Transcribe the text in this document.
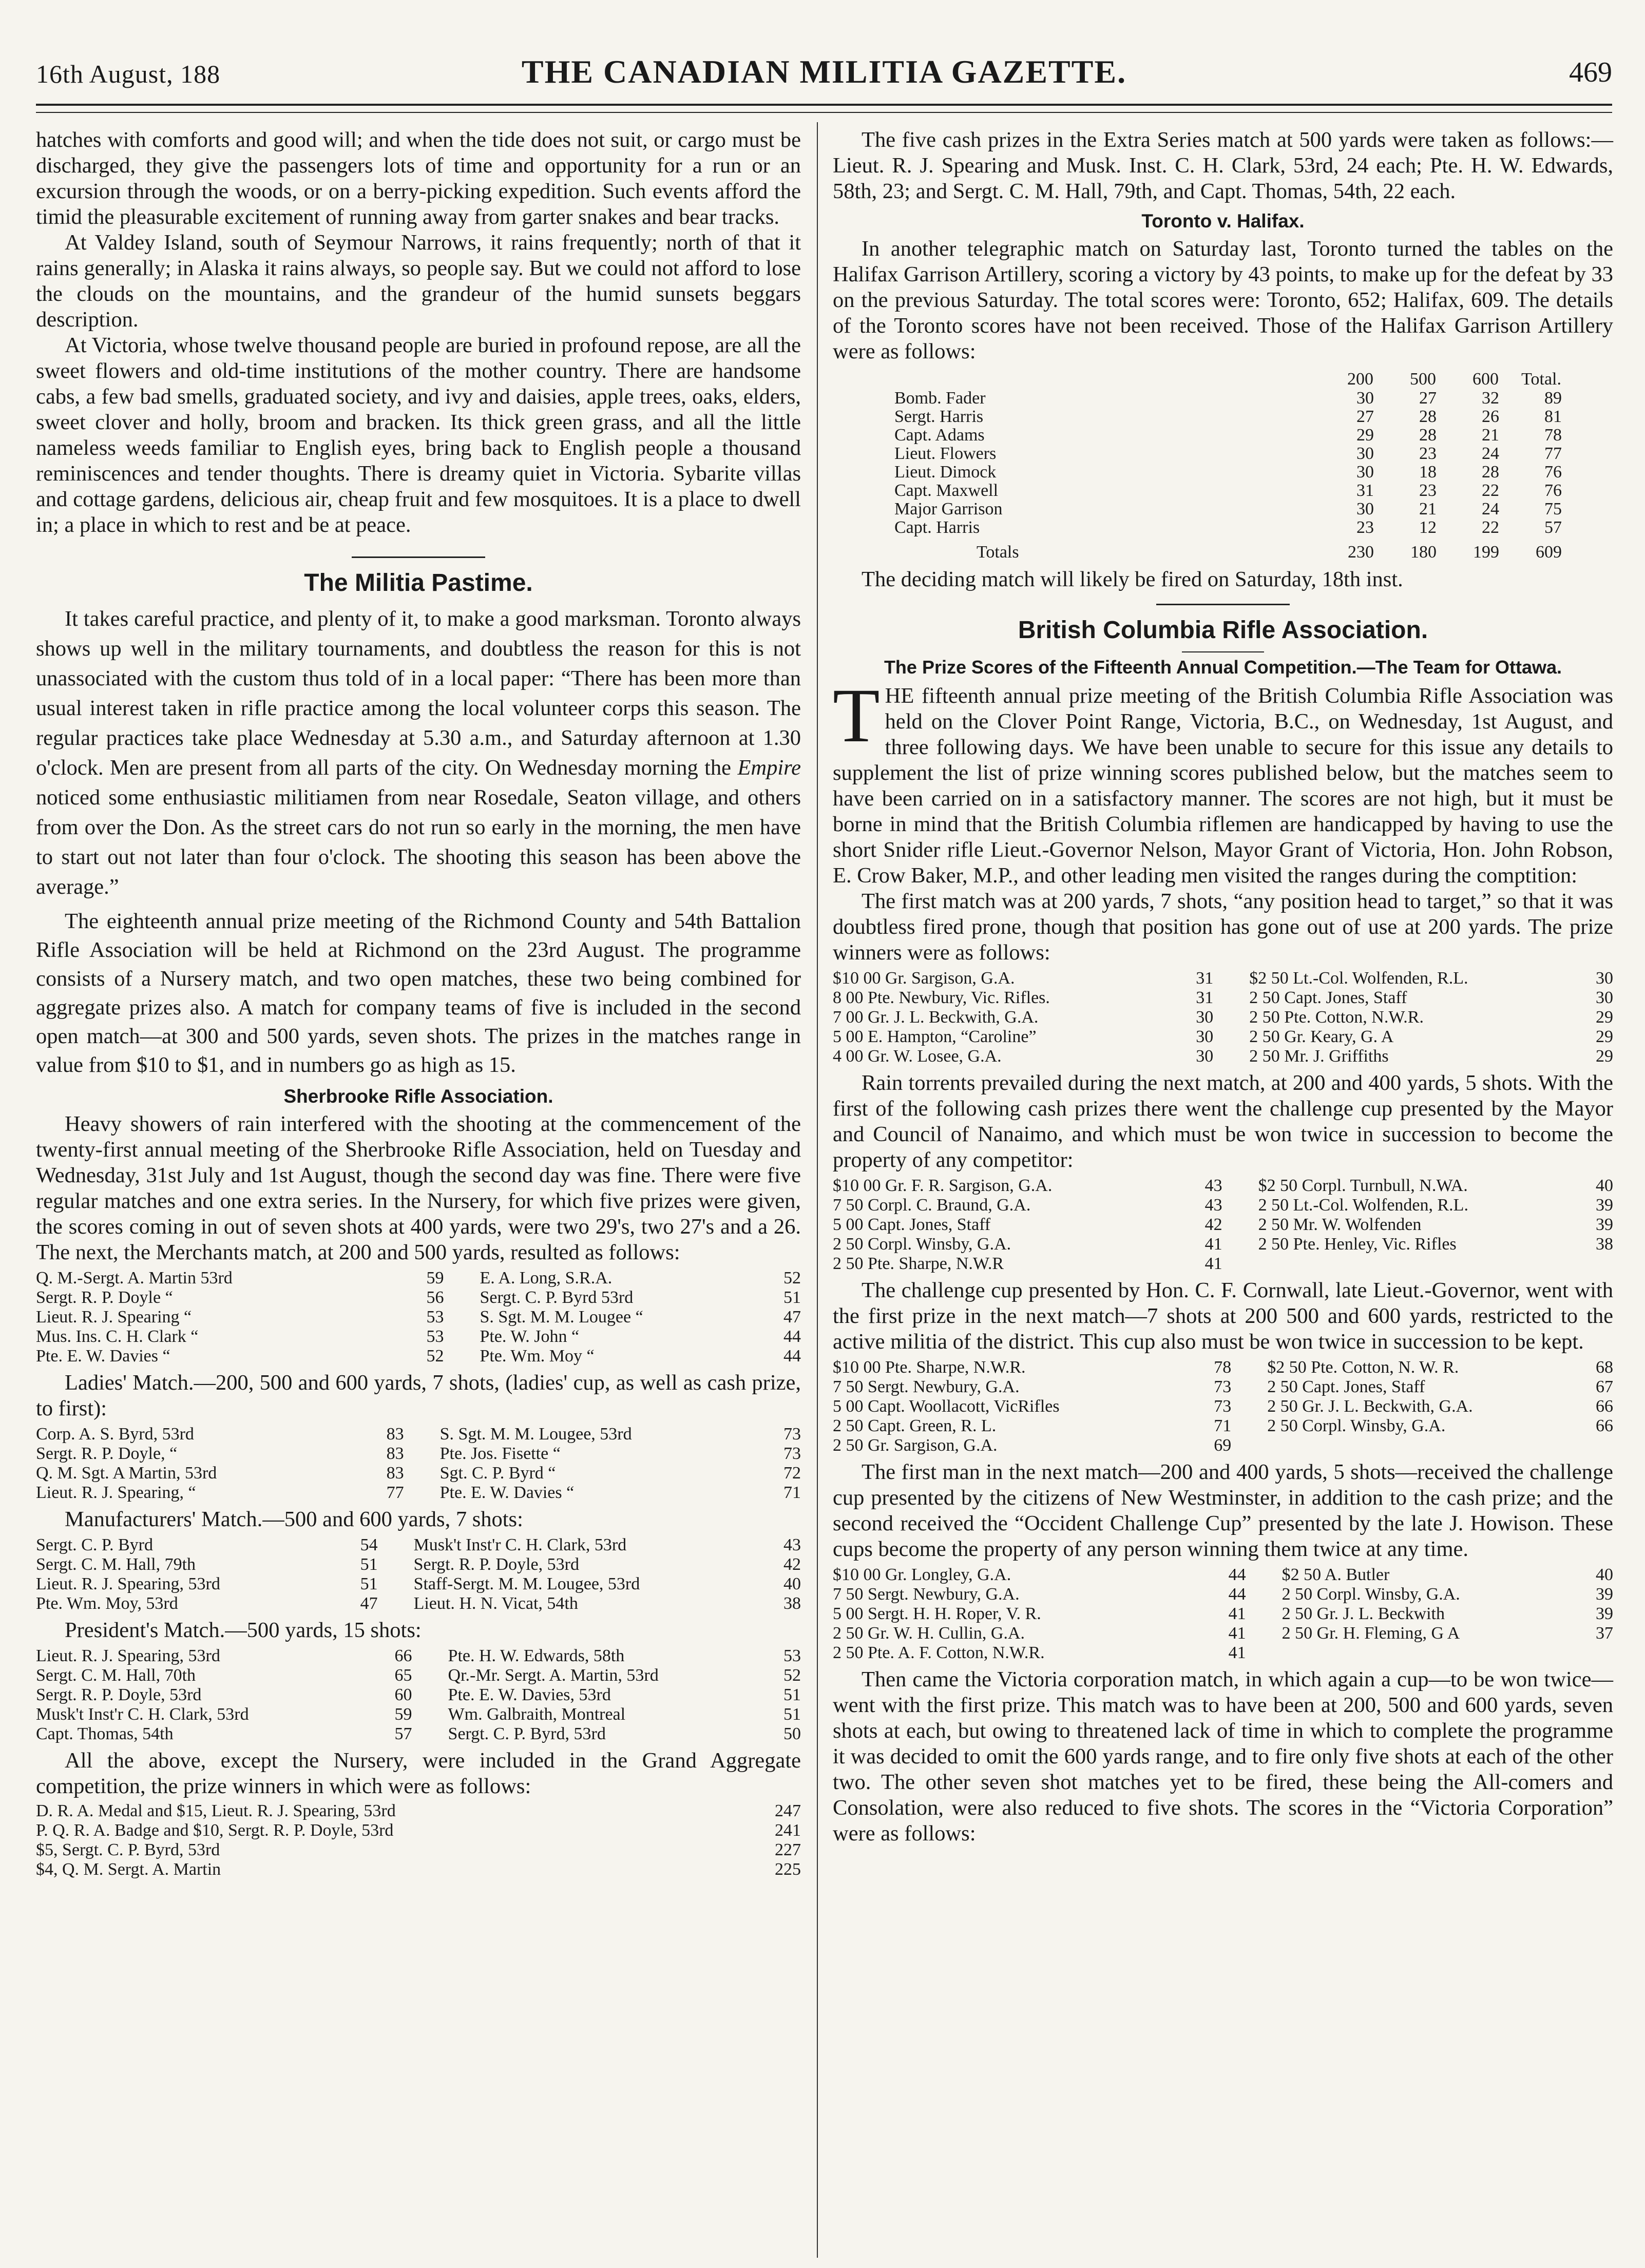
16th August, 188	THE CANADIAN MILITIA GAZETTE.	469

hatches with comforts and good will; and when the tide does not suit, or cargo must be discharged, they give the passengers lots of time and opportunity for a run or an excursion through the woods, or on a berry-picking expedition. Such events afford the timid the pleasurable excitement of running away from garter snakes and bear tracks.

At Valdey Island, south of Seymour Narrows, it rains frequently; north of that it rains generally; in Alaska it rains always, so people say. But we could not afford to lose the clouds on the mountains, and the grandeur of the humid sunsets beggars description.

At Victoria, whose twelve thousand people are buried in profound repose, are all the sweet flowers and old-time institutions of the mother country. There are handsome cabs, a few bad smells, graduated society, and ivy and daisies, apple trees, oaks, elders, sweet clover and holly, broom and bracken. Its thick green grass, and all the little nameless weeds familiar to English eyes, bring back to English people a thousand reminiscences and tender thoughts. There is dreamy quiet in Victoria. Sybarite villas and cottage gardens, delicious air, cheap fruit and few mosquitoes. It is a place to dwell in; a place in which to rest and be at peace.

The Militia Pastime.

It takes careful practice, and plenty of it, to make a good marksman. Toronto always shows up well in the military tournaments, and doubtless the reason for this is not unassociated with the custom thus told of in a local paper: “There has been more than usual interest taken in rifle practice among the local volunteer corps this season. The regular practices take place Wednesday at 5.30 a.m., and Saturday afternoon at 1.30 o'clock. Men are present from all parts of the city. On Wednesday morning the Empire noticed some enthusiastic militiamen from near Rosedale, Seaton village, and others from over the Don. As the street cars do not run so early in the morning, the men have to start out not later than four o'clock. The shooting this season has been above the average.”

The eighteenth annual prize meeting of the Richmond County and 54th Battalion Rifle Association will be held at Richmond on the 23rd August. The programme consists of a Nursery match, and two open matches, these two being combined for aggregate prizes also. A match for company teams of five is included in the second open match—at 300 and 500 yards, seven shots. The prizes in the matches range in value from $10 to $1, and in numbers go as high as 15.

Sherbrooke Rifle Association.

Heavy showers of rain interfered with the shooting at the commencement of the twenty-first annual meeting of the Sherbrooke Rifle Association, held on Tuesday and Wednesday, 31st July and 1st August, though the second day was fine. There were five regular matches and one extra series. In the Nursery, for which five prizes were given, the scores coming in out of seven shots at 400 yards, were two 29's, two 27's and a 26. The next, the Merchants match, at 200 and 500 yards, resulted as follows:

Q. M.-Sergt. A. Martin 53rd	59	E. A. Long, S.R.A.	52
Sergt. R. P. Doyle “	56	Sergt. C. P. Byrd 53rd	51
Lieut. R. J. Spearing “	53	S. Sgt. M. M. Lougee “	47
Mus. Ins. C. H. Clark “	53	Pte. W. John “	44
Pte. E. W. Davies “	52	Pte. Wm. Moy “	44

Ladies' Match.—200, 500 and 600 yards, 7 shots, (ladies' cup, as well as cash prize, to first):

Corp. A. S. Byrd, 53rd	83	S. Sgt. M. M. Lougee, 53rd	73
Sergt. R. P. Doyle, “	83	Pte. Jos. Fisette “	73
Q. M. Sgt. A Martin, 53rd	83	Sgt. C. P. Byrd “	72
Lieut. R. J. Spearing, “	77	Pte. E. W. Davies “	71

Manufacturers' Match.—500 and 600 yards, 7 shots:

Sergt. C. P. Byrd	54	Musk't Inst'r C. H. Clark, 53rd	43
Sergt. C. M. Hall, 79th	51	Sergt. R. P. Doyle, 53rd	42
Lieut. R. J. Spearing, 53rd	51	Staff-Sergt. M. M. Lougee, 53rd	40
Pte. Wm. Moy, 53rd	47	Lieut. H. N. Vicat, 54th	38

President's Match.—500 yards, 15 shots:

Lieut. R. J. Spearing, 53rd	66	Pte. H. W. Edwards, 58th	53
Sergt. C. M. Hall, 70th	65	Qr.-Mr. Sergt. A. Martin, 53rd	52
Sergt. R. P. Doyle, 53rd	60	Pte. E. W. Davies, 53rd	51
Musk't Inst'r C. H. Clark, 53rd	59	Wm. Galbraith, Montreal	51
Capt. Thomas, 54th	57	Sergt. C. P. Byrd, 53rd	50

All the above, except the Nursery, were included in the Grand Aggregate competition, the prize winners in which were as follows:

D. R. A. Medal and $15, Lieut. R. J. Spearing, 53rd	247
P. Q. R. A. Badge and $10, Sergt. R. P. Doyle, 53rd	241
$5, Sergt. C. P. Byrd, 53rd	227
$4, Q. M. Sergt. A. Martin	225

The five cash prizes in the Extra Series match at 500 yards were taken as follows:—Lieut. R. J. Spearing and Musk. Inst. C. H. Clark, 53rd, 24 each; Pte. H. W. Edwards, 58th, 23; and Sergt. C. M. Hall, 79th, and Capt. Thomas, 54th, 22 each.

Toronto v. Halifax.

In another telegraphic match on Saturday last, Toronto turned the tables on the Halifax Garrison Artillery, scoring a victory by 43 points, to make up for the defeat by 33 on the previous Saturday. The total scores were: Toronto, 652; Halifax, 609. The details of the Toronto scores have not been received. Those of the Halifax Garrison Artillery were as follows:

	200	500	600	Total.
Bomb. Fader	30	27	32	89
Sergt. Harris	27	28	26	81
Capt. Adams	29	28	21	78
Lieut. Flowers	30	23	24	77
Lieut. Dimock	30	18	28	76
Capt. Maxwell	31	23	22	76
Major Garrison	30	21	24	75
Capt. Harris	23	12	22	57
Totals	230	180	199	609

The deciding match will likely be fired on Saturday, 18th inst.

British Columbia Rifle Association.
The Prize Scores of the Fifteenth Annual Competition.—The Team for Ottawa.

THE fifteenth annual prize meeting of the British Columbia Rifle Association was held on the Clover Point Range, Victoria, B.C., on Wednesday, 1st August, and three following days. We have been unable to secure for this issue any details to supplement the list of prize winning scores published below, but the matches seem to have been carried on in a satisfactory manner. The scores are not high, but it must be borne in mind that the British Columbia riflemen are handicapped by having to use the short Snider rifle Lieut.-Governor Nelson, Mayor Grant of Victoria, Hon. John Robson, E. Crow Baker, M.P., and other leading men visited the ranges during the comptition:

The first match was at 200 yards, 7 shots, “any position head to target,” so that it was doubtless fired prone, though that position has gone out of use at 200 yards. The prize winners were as follows:

$10 00 Gr. Sargison, G.A.	31	$2 50 Lt.-Col. Wolfenden, R.L.	30
8 00 Pte. Newbury, Vic. Rifles.	31	2 50 Capt. Jones, Staff	30
7 00 Gr. J. L. Beckwith, G.A.	30	2 50 Pte. Cotton, N.W.R.	29
5 00 E. Hampton, “Caroline”	30	2 50 Gr. Keary, G. A	29
4 00 Gr. W. Losee, G.A.	30	2 50 Mr. J. Griffiths	29

Rain torrents prevailed during the next match, at 200 and 400 yards, 5 shots. With the first of the following cash prizes there went the challenge cup presented by the Mayor and Council of Nanaimo, and which must be won twice in succession to become the property of any competitor:

$10 00 Gr. F. R. Sargison, G.A.	43	$2 50 Corpl. Turnbull, N.WA.	40
7 50 Corpl. C. Braund, G.A.	43	2 50 Lt.-Col. Wolfenden, R.L.	39
5 00 Capt. Jones, Staff	42	2 50 Mr. W. Wolfenden	39
2 50 Corpl. Winsby, G.A.	41	2 50 Pte. Henley, Vic. Rifles	38
2 50 Pte. Sharpe, N.W.R	41		

The challenge cup presented by Hon. C. F. Cornwall, late Lieut.-Governor, went with the first prize in the next match—7 shots at 200 500 and 600 yards, restricted to the active militia of the district. This cup also must be won twice in succession to be kept.

$10 00 Pte. Sharpe, N.W.R.	78	$2 50 Pte. Cotton, N. W. R.	68
7 50 Sergt. Newbury, G.A.	73	2 50 Capt. Jones, Staff	67
5 00 Capt. Woollacott, VicRifles	73	2 50 Gr. J. L. Beckwith, G.A.	66
2 50 Capt. Green, R. L.	71	2 50 Corpl. Winsby, G.A.	66
2 50 Gr. Sargison, G.A.	69		

The first man in the next match—200 and 400 yards, 5 shots—received the challenge cup presented by the citizens of New Westminster, in addition to the cash prize; and the second received the “Occident Challenge Cup” presented by the late J. Howison. These cups become the property of any person winning them twice at any time.

$10 00 Gr. Longley, G.A.	44	$2 50 A. Butler	40
7 50 Sergt. Newbury, G.A.	44	2 50 Corpl. Winsby, G.A.	39
5 00 Sergt. H. H. Roper, V. R.	41	2 50 Gr. J. L. Beckwith	39
2 50 Gr. W. H. Cullin, G.A.	41	2 50 Gr. H. Fleming, G A	37
2 50 Pte. A. F. Cotton, N.W.R.	41		

Then came the Victoria corporation match, in which again a cup—to be won twice—went with the first prize. This match was to have been at 200, 500 and 600 yards, seven shots at each, but owing to threatened lack of time in which to complete the programme it was decided to omit the 600 yards range, and to fire only five shots at each of the other two. The other seven shot matches yet to be fired, these being the All-comers and Consolation, were also reduced to five shots. The scores in the “Victoria Corporation” were as follows:
